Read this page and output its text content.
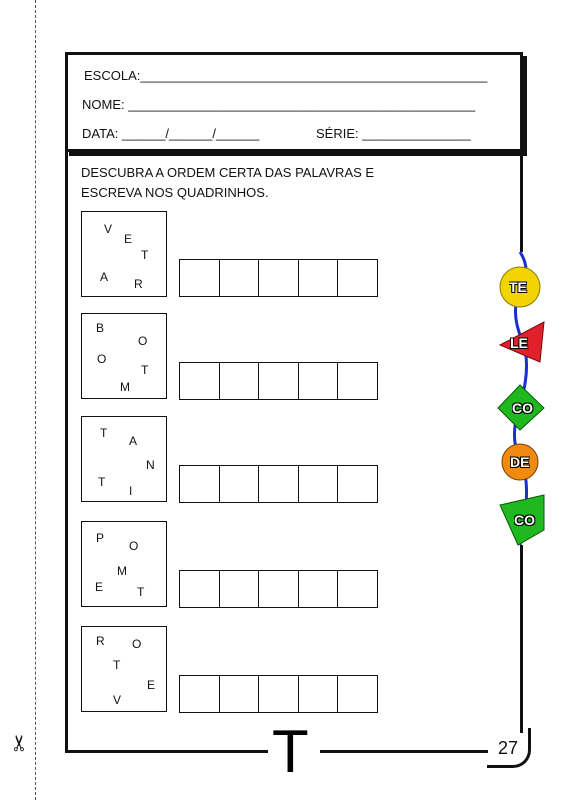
✂
ESCOLA:________________________________________________
NOME: ________________________________________________
DATA: ______/______/______	SÉRIE: _______________
DESCUBRA A ORDEM CERTA DAS PALAVRAS E
ESCREVA NOS QUADRINHOS.
V
E
T
A R
B
O
O
T
M
T
A
N
T
I
P
O
M
E	T
R O
T
E
V
TE
LE
CO
DE
CO
T	27
